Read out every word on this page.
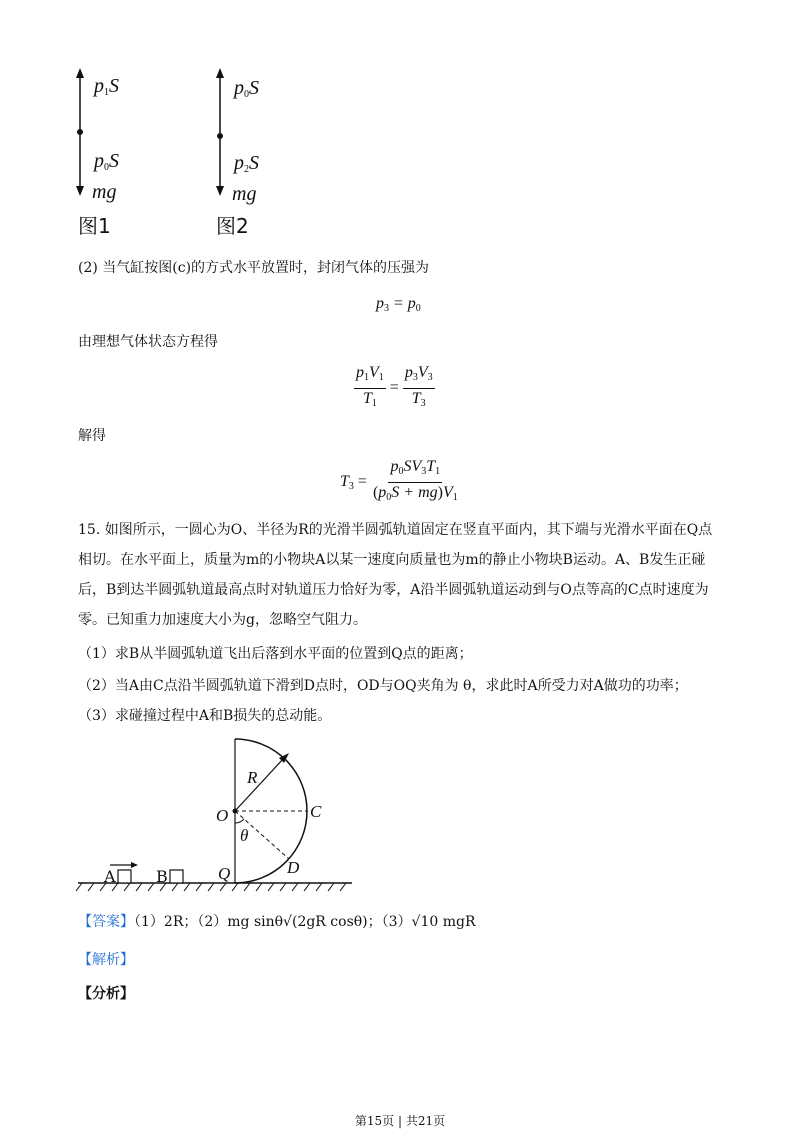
$p_1S$
$p_0S$
mg
图1
$p_0S$
$p_2S$
mg
图2
(2) 当气缸按图(c)的方式水平放置时，封闭气体的压强为
$p_3 = p_0$
由理想气体状态方程得
$\frac{p_1V_1}{T_1} = \frac{p_3V_3}{T_3}$
解得
$T_3 = \frac{p_0SV_3T_1}{(p_0S + mg)V_1}$
15. 如图所示，一圆心为O、半径为R的光滑半圆弧轨道固定在竖直平面内，其下端与光滑水平面在Q点
相切。在水平面上，质量为m的小物块A以某一速度向质量也为m的静止小物块B运动。A、B发生正碰
后，B到达半圆弧轨道最高点时对轨道压力恰好为零，A沿半圆弧轨道运动到与O点等高的C点时速度为
零。已知重力加速度大小为g，忽略空气阻力。
（1）求B从半圆弧轨道飞出后落到水平面的位置到Q点的距离；
（2）当A由C点沿半圆弧轨道下滑到D点时，OD与OQ夹角为 θ，求此时A所受力对A做功的功率；
（3）求碰撞过程中A和B损失的总动能。
R
O	C
θ
D
Q
A	B
【答案】（1）2R；（2）mg sinθ√(2gR cosθ)；（3）√10 mgR
【解析】
【分析】
第15页 | 共21页
